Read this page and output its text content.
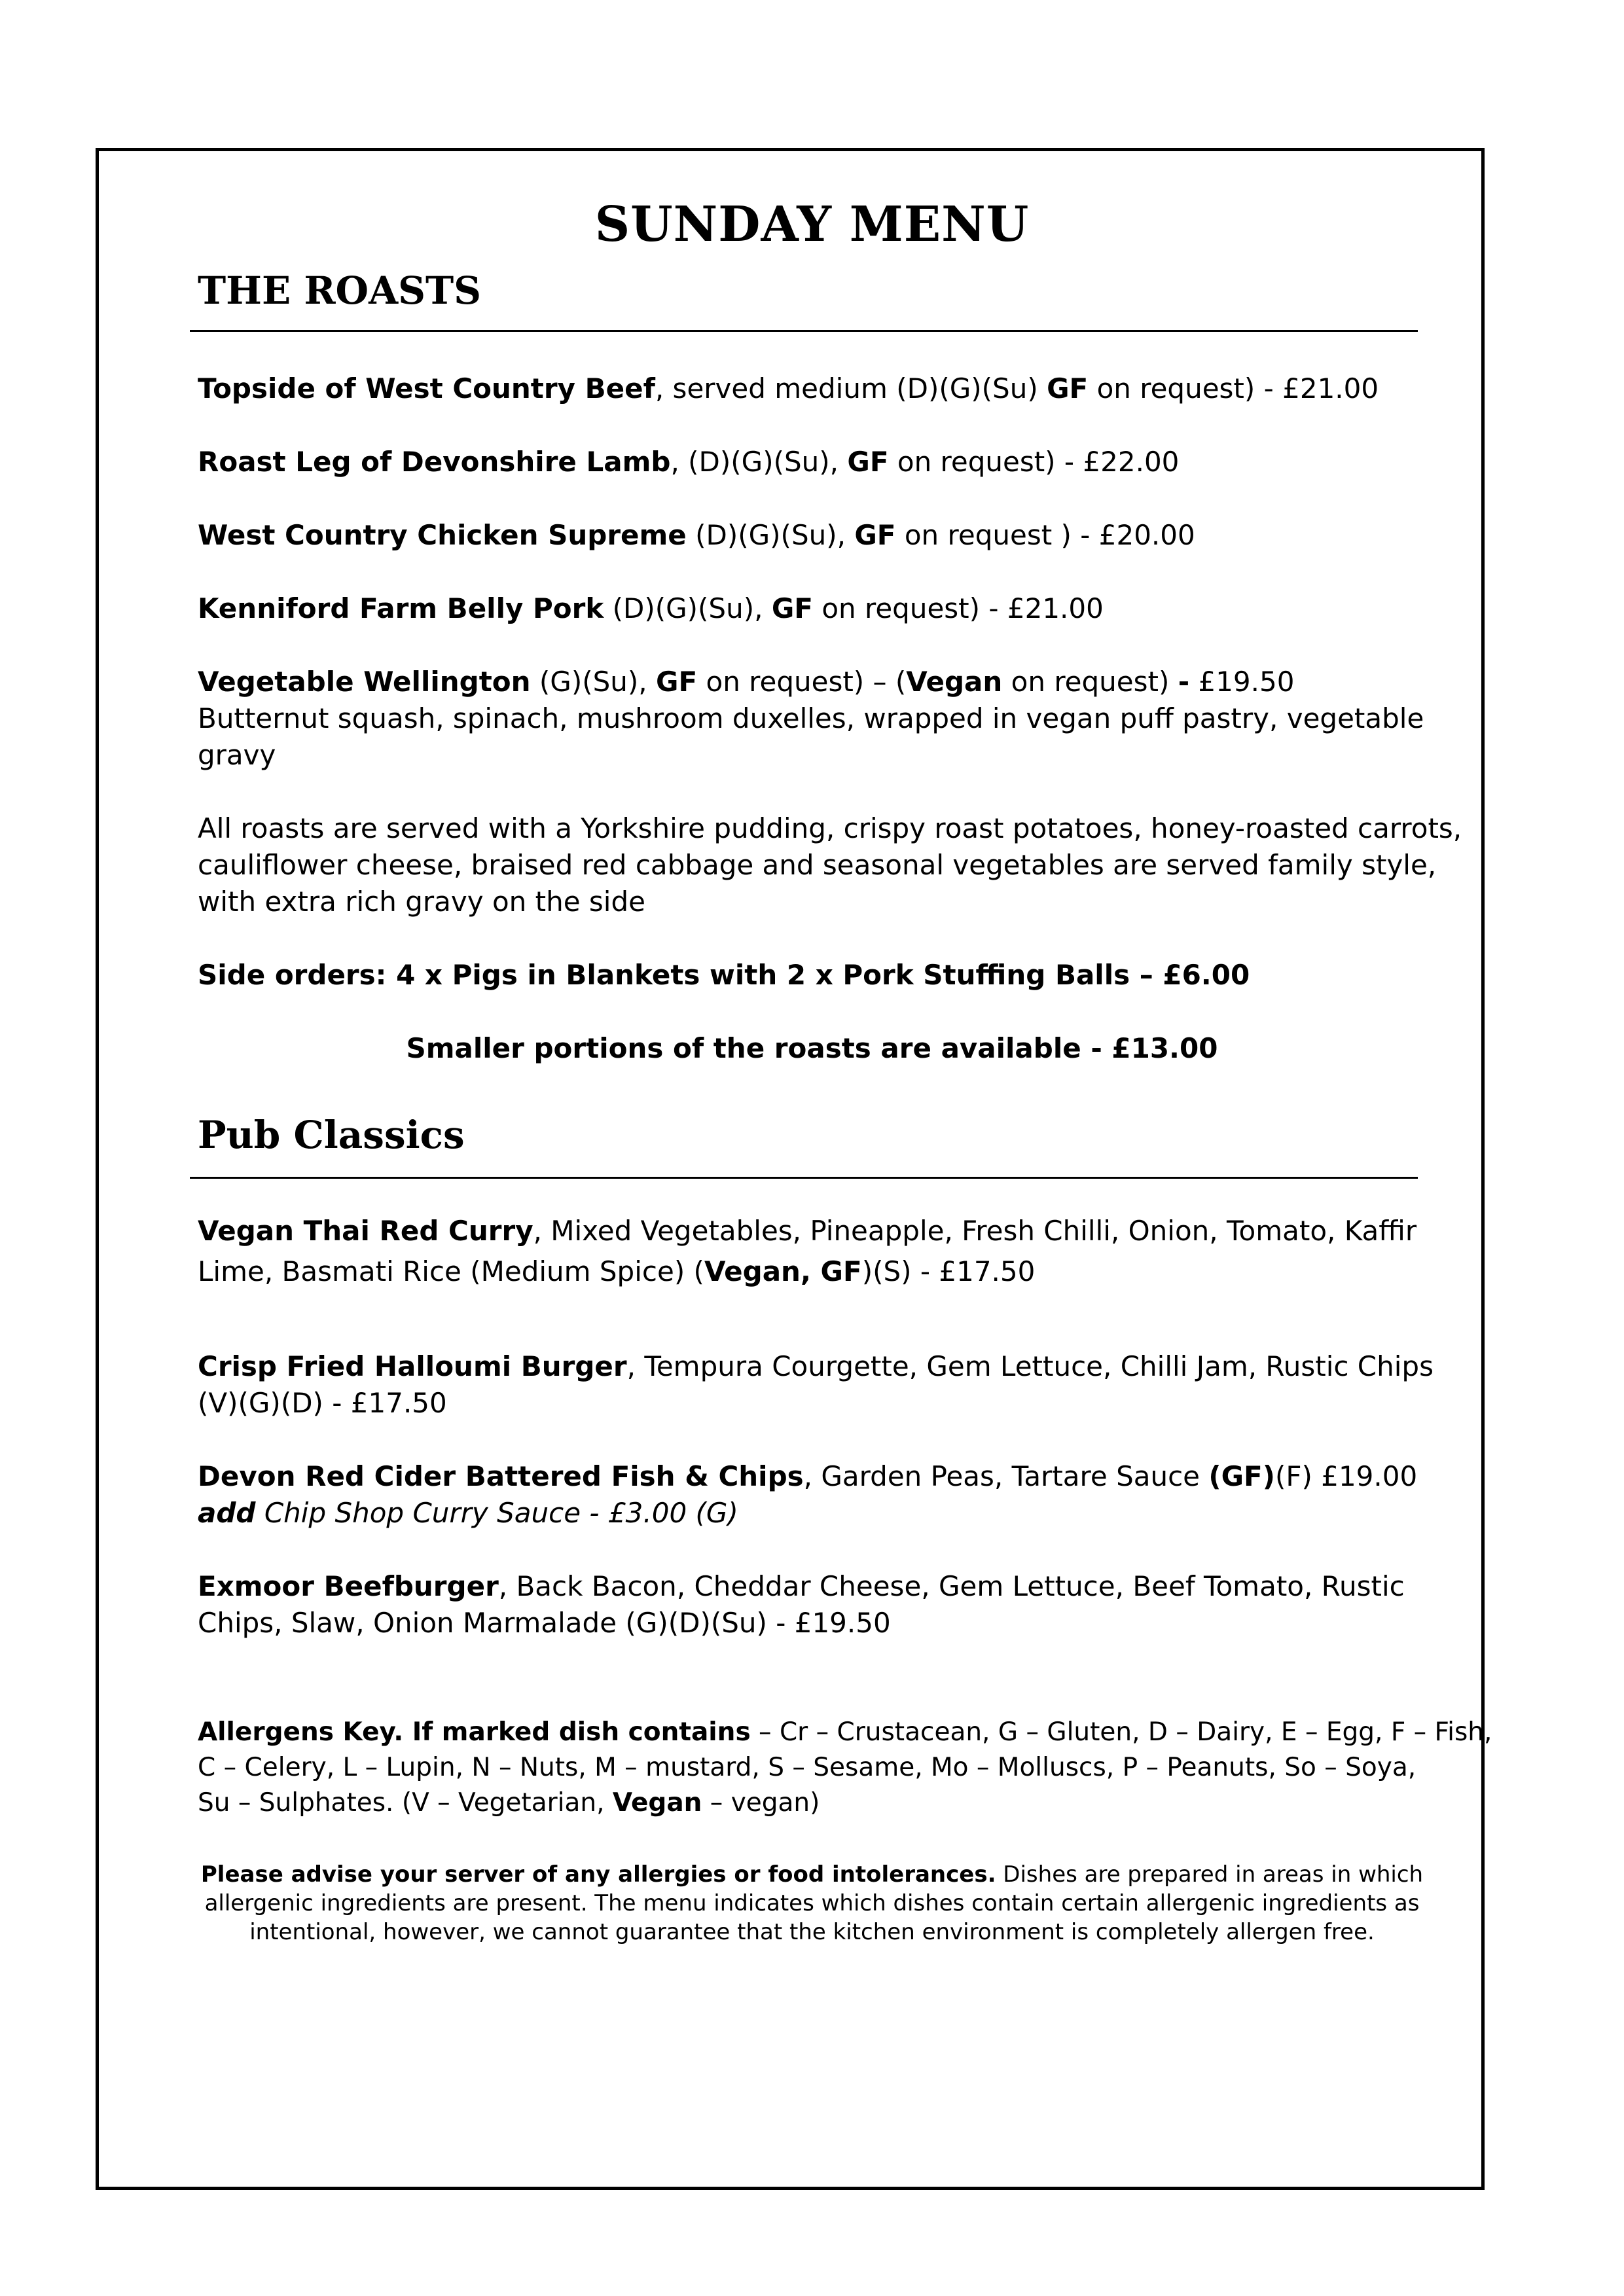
SUNDAY MENU
THE ROASTS
Topside of West Country Beef, served medium (D)(G)(Su) GF on request) - £21.00
Roast Leg of Devonshire Lamb, (D)(G)(Su), GF on request) - £22.00
West Country Chicken Supreme (D)(G)(Su), GF on request ) - £20.00
Kenniford Farm Belly Pork (D)(G)(Su), GF on request) - £21.00
Vegetable Wellington (G)(Su), GF on request) – (Vegan on request) - £19.50
Butternut squash, spinach, mushroom duxelles, wrapped in vegan puff pastry, vegetable
gravy
All roasts are served with a Yorkshire pudding, crispy roast potatoes, honey-roasted carrots,
cauliflower cheese, braised red cabbage and seasonal vegetables are served family style,
with extra rich gravy on the side
Side orders: 4 x Pigs in Blankets with 2 x Pork Stuffing Balls – £6.00
Smaller portions of the roasts are available - £13.00
Pub Classics
Vegan Thai Red Curry, Mixed Vegetables, Pineapple, Fresh Chilli, Onion, Tomato, Kaffir
Lime, Basmati Rice (Medium Spice) (Vegan, GF)(S) - £17.50
Crisp Fried Halloumi Burger, Tempura Courgette, Gem Lettuce, Chilli Jam, Rustic Chips
(V)(G)(D) - £17.50
Devon Red Cider Battered Fish & Chips, Garden Peas, Tartare Sauce (GF)(F) £19.00
add Chip Shop Curry Sauce - £3.00 (G)
Exmoor Beefburger, Back Bacon, Cheddar Cheese, Gem Lettuce, Beef Tomato, Rustic
Chips, Slaw, Onion Marmalade (G)(D)(Su) - £19.50
Allergens Key. If marked dish contains – Cr – Crustacean, G – Gluten, D – Dairy, E – Egg, F – Fish,
C – Celery, L – Lupin, N – Nuts, M – mustard, S – Sesame, Mo – Molluscs, P – Peanuts, So – Soya,
Su – Sulphates. (V – Vegetarian, Vegan – vegan)
Please advise your server of any allergies or food intolerances. Dishes are prepared in areas in which
allergenic ingredients are present. The menu indicates which dishes contain certain allergenic ingredients as
intentional, however, we cannot guarantee that the kitchen environment is completely allergen free.
